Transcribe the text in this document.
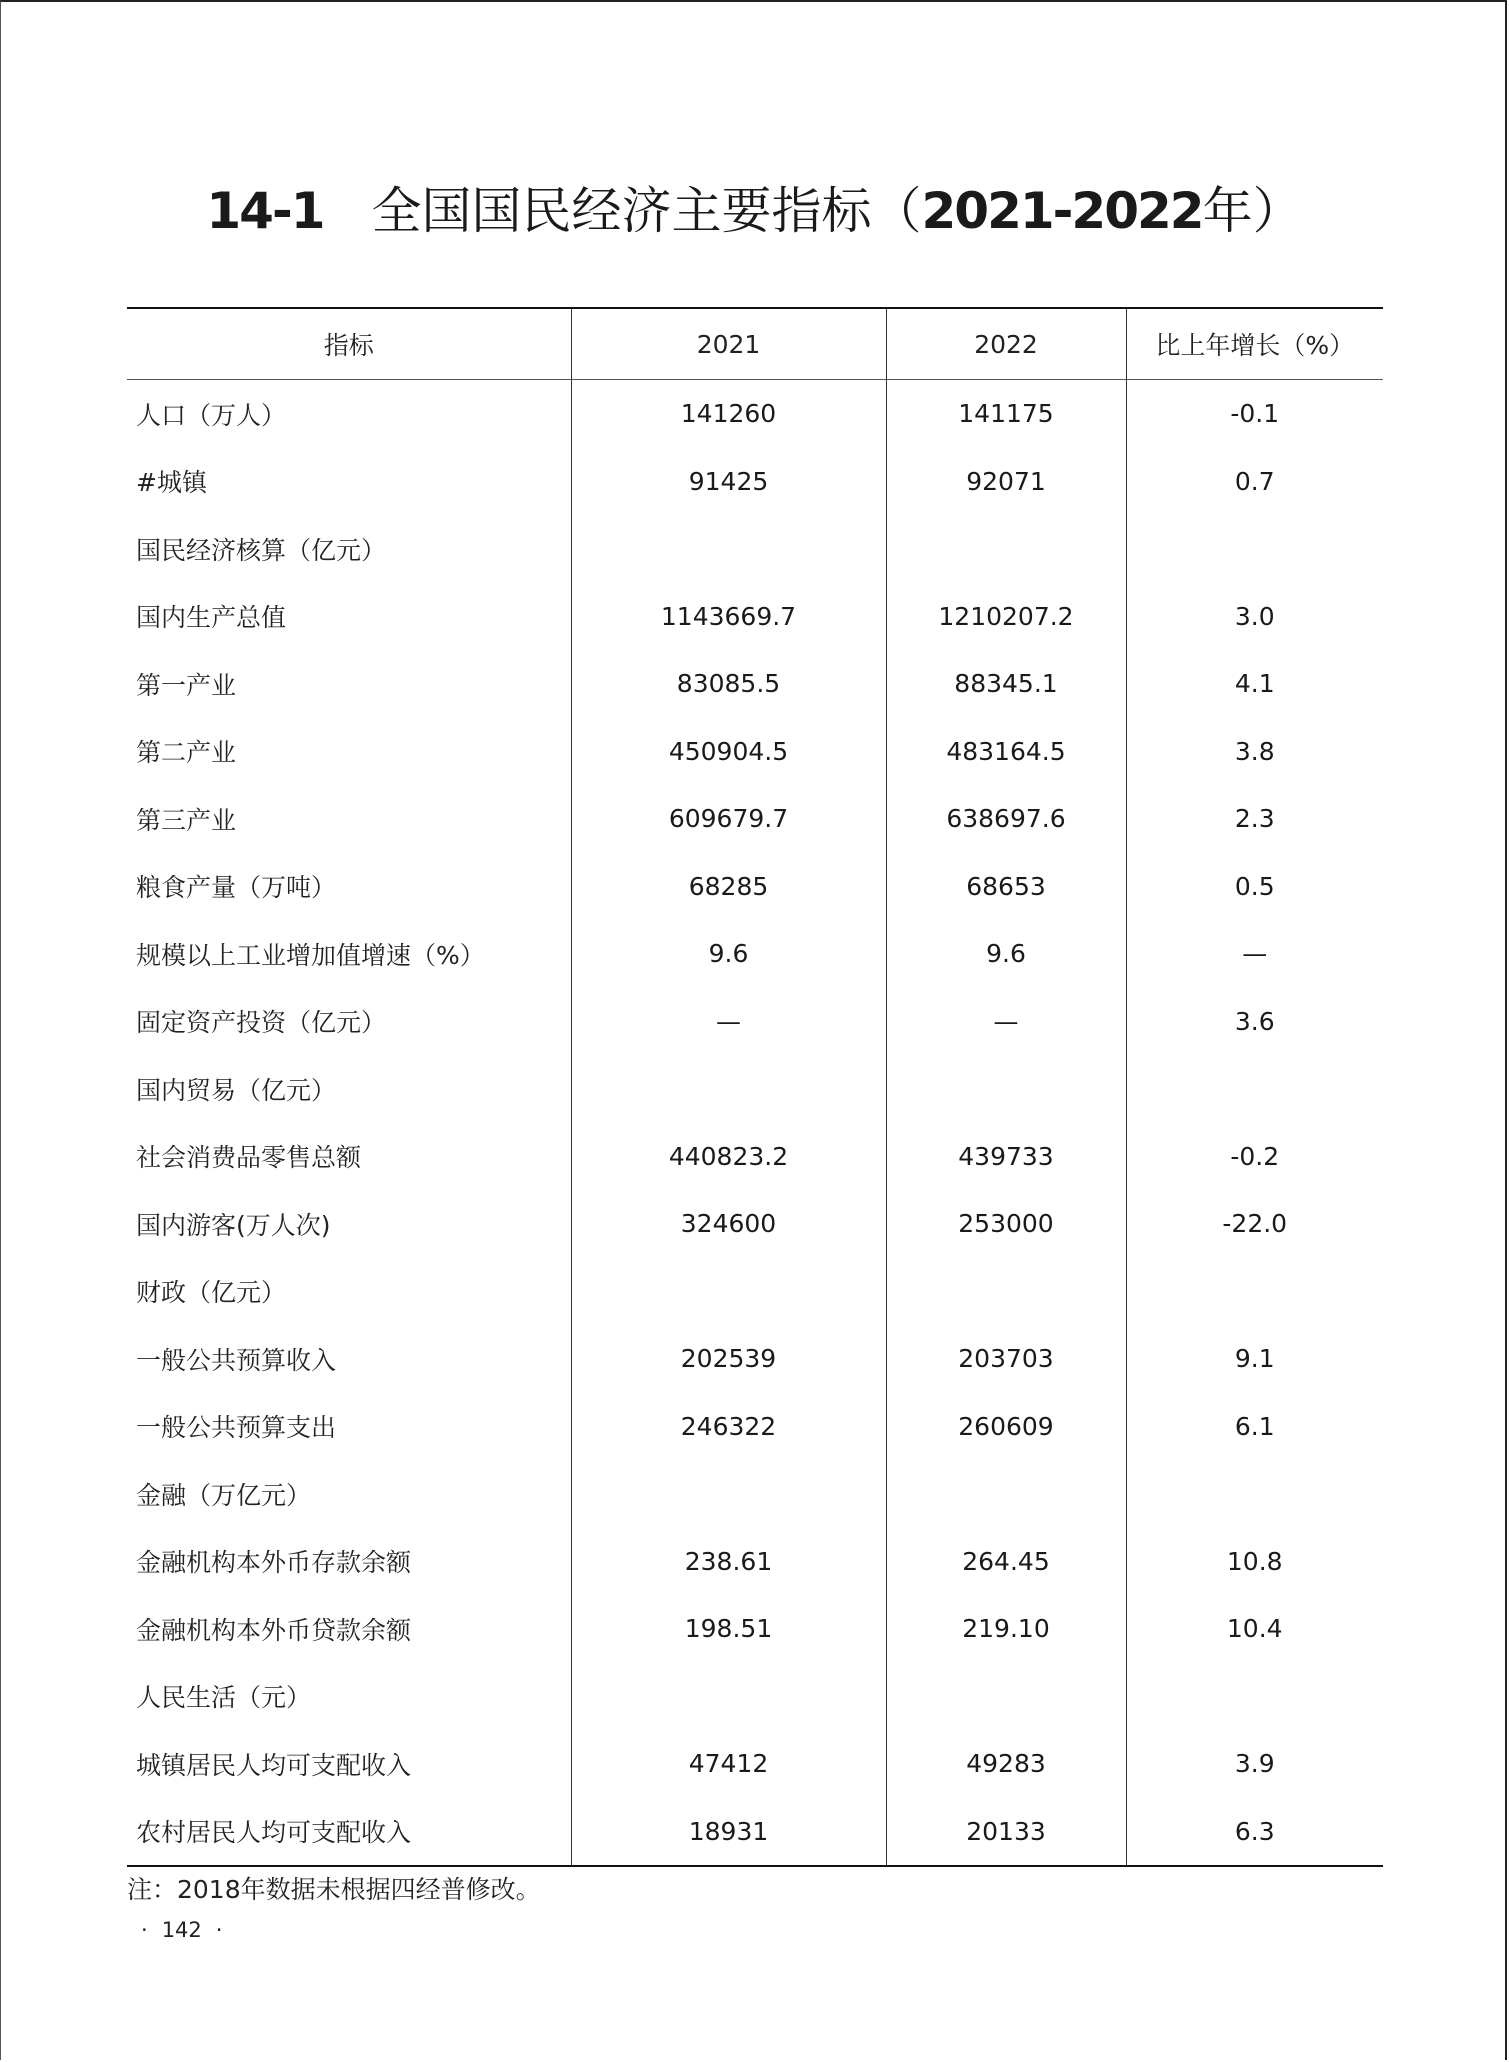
14-1 全国国民经济主要指标（2021-2022年）
指标	2021	2022	比上年增长（%）
人口（万人）	141260	141175	-0.1
#城镇	91425	92071	0.7
国民经济核算（亿元）			
国内生产总值	1143669.7	1210207.2	3.0
第一产业	83085.5	88345.1	4.1
第二产业	450904.5	483164.5	3.8
第三产业	609679.7	638697.6	2.3
粮食产量（万吨）	68285	68653	0.5
规模以上工业增加值增速（%）	9.6	9.6	—
固定资产投资（亿元）	—	—	3.6
国内贸易（亿元）			
社会消费品零售总额	440823.2	439733	-0.2
国内游客(万人次)	324600	253000	-22.0
财政（亿元）			
一般公共预算收入	202539	203703	9.1
一般公共预算支出	246322	260609	6.1
金融（万亿元）			
金融机构本外币存款余额	238.61	264.45	10.8
金融机构本外币贷款余额	198.51	219.10	10.4
人民生活（元）			
城镇居民人均可支配收入	47412	49283	3.9
农村居民人均可支配收入	18931	20133	6.3
注：2018年数据未根据四经普修改。
· 142 ·
